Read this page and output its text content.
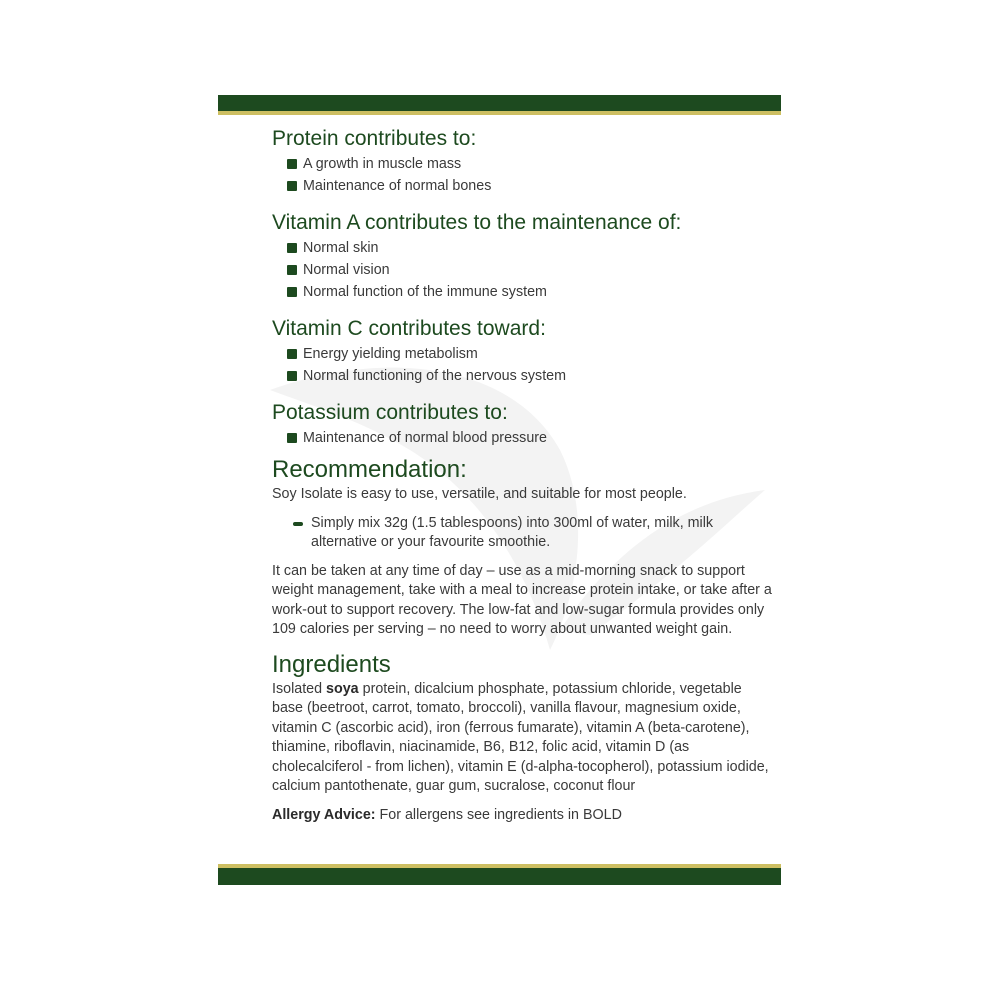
Protein contributes to:
A growth in muscle mass
Maintenance of normal bones
Vitamin A contributes to the maintenance of:
Normal skin
Normal vision
Normal function of the immune system
Vitamin C contributes toward:
Energy yielding metabolism
Normal functioning of the nervous system
Potassium contributes to:
Maintenance of normal blood pressure
Recommendation:

Soy Isolate is easy to use, versatile, and suitable for most people.

Simply mix 32g (1.5 tablespoons) into 300ml of water, milk, milk alternative or your favourite smoothie.

It can be taken at any time of day – use as a mid-morning snack to support weight management, take with a meal to increase protein intake, or take after a work-out to support recovery. The low-fat and low-sugar formula provides only 109 calories per serving – no need to worry about unwanted weight gain.

Ingredients

Isolated soya protein, dicalcium phosphate, potassium chloride, vegetable base (beetroot, carrot, tomato, broccoli), vanilla flavour, magnesium oxide, vitamin C (ascorbic acid), iron (ferrous fumarate), vitamin A (beta-carotene), thiamine, riboflavin, niacinamide, B6, B12, folic acid, vitamin D (as cholecalciferol - from lichen), vitamin E (d-alpha-tocopherol), potassium iodide, calcium pantothenate, guar gum, sucralose, coconut flour

Allergy Advice: For allergens see ingredients in BOLD
